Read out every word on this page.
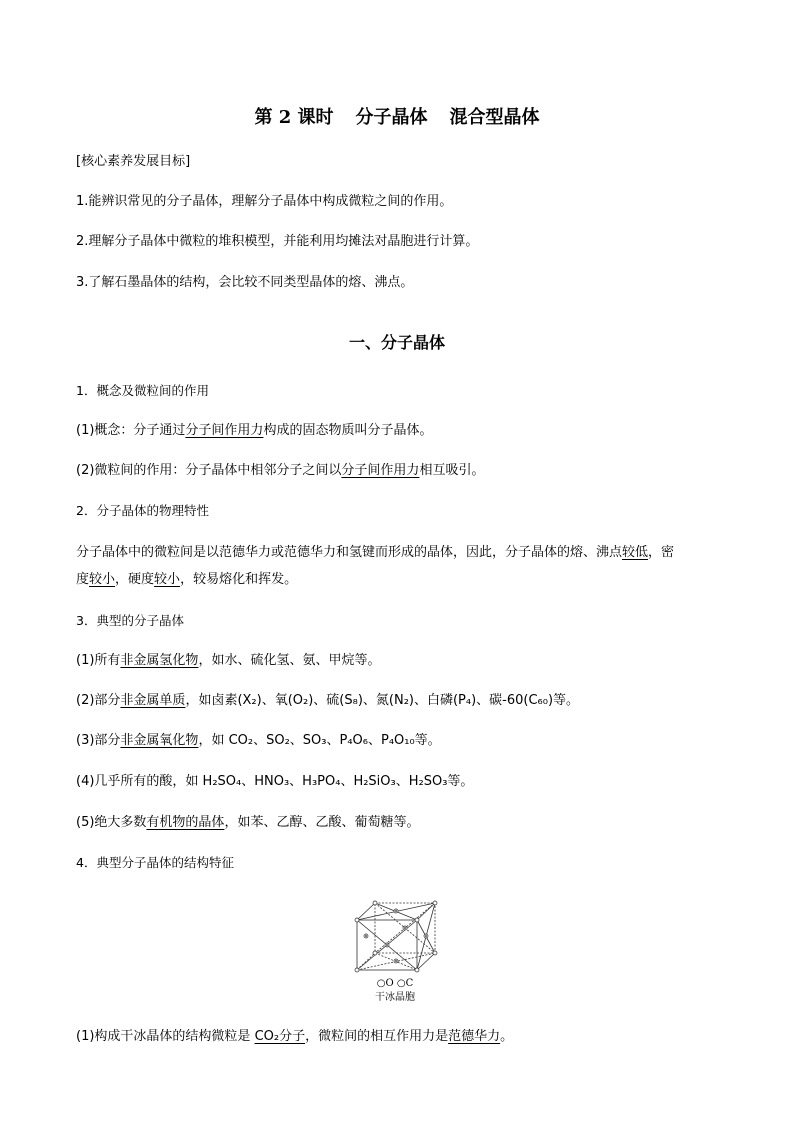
第 2 课时 分子晶体 混合型晶体
[核心素养发展目标]
1.能辨识常见的分子晶体，理解分子晶体中构成微粒之间的作用。
2.理解分子晶体中微粒的堆积模型，并能利用均摊法对晶胞进行计算。
3.了解石墨晶体的结构，会比较不同类型晶体的熔、沸点。
一、分子晶体
1．概念及微粒间的作用
(1)概念：分子通过分子间作用力构成的固态物质叫分子晶体。
(2)微粒间的作用：分子晶体中相邻分子之间以分子间作用力相互吸引。
2．分子晶体的物理特性
分子晶体中的微粒间是以范德华力或范德华力和氢键而形成的晶体，因此，分子晶体的熔、沸点较低，密
度较小，硬度较小，较易熔化和挥发。
3．典型的分子晶体
(1)所有非金属氢化物，如水、硫化氢、氨、甲烷等。
(2)部分非金属单质，如卤素(X₂)、氧(O₂)、硫(S₈)、氮(N₂)、白磷(P₄)、碳-60(C₆₀)等。
(3)部分非金属氧化物，如 CO₂、SO₂、SO₃、P₄O₆、P₄O₁₀等。
(4)几乎所有的酸，如 H₂SO₄、HNO₃、H₃PO₄、H₂SiO₃、H₂SO₃等。
(5)绝大多数有机物的晶体，如苯、乙醇、乙酸、葡萄糖等。
4．典型分子晶体的结构特征
○O ○C
干冰晶胞
(1)构成干冰晶体的结构微粒是 CO₂分子，微粒间的相互作用力是范德华力。
